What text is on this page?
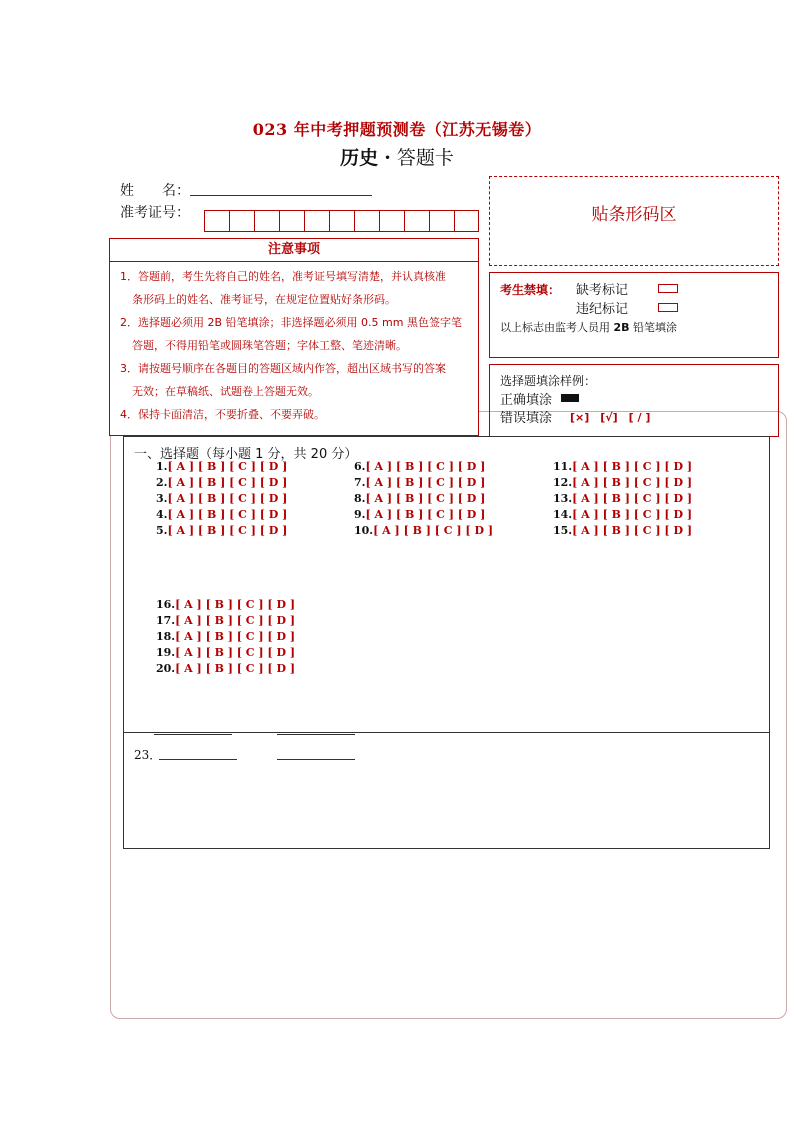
023 年中考押题预测卷（江苏无锡卷）
历史 · 答题卡
姓　　名：
准考证号：	贴条形码区
注意事项
1．答题前，考生先将自己的姓名，准考证号填写清楚，并认真核准
条形码上的姓名、准考证号，在规定位置贴好条形码。
2．选择题必须用 2B 铅笔填涂；非选择题必须用 0.5 mm 黑色签字笔
答题，不得用铅笔或圆珠笔答题；字体工整、笔迹清晰。
3．请按题号顺序在各题目的答题区域内作答，超出区域书写的答案
无效；在草稿纸、试题卷上答题无效。
4．保持卡面清洁，不要折叠、不要弄破。
考生禁填： 缺考标记
违纪标记
以上标志由监考人员用 2B 铅笔填涂
选择题填涂样例：
正确填涂
错误填涂 [×]　[√]　[ / ]
一、选择题（每小题 1 分，共 20 分）
1.[ A ] [ B ] [ C ] [ D ]
2.[ A ] [ B ] [ C ] [ D ]
3.[ A ] [ B ] [ C ] [ D ]
4.[ A ] [ B ] [ C ] [ D ]
5.[ A ] [ B ] [ C ] [ D ]
6.[ A ] [ B ] [ C ] [ D ]
7.[ A ] [ B ] [ C ] [ D ]
8.[ A ] [ B ] [ C ] [ D ]
9.[ A ] [ B ] [ C ] [ D ]
10.[ A ] [ B ] [ C ] [ D ]
11.[ A ] [ B ] [ C ] [ D ]
12.[ A ] [ B ] [ C ] [ D ]
13.[ A ] [ B ] [ C ] [ D ]
14.[ A ] [ B ] [ C ] [ D ]
15.[ A ] [ B ] [ C ] [ D ]
16.[ A ] [ B ] [ C ] [ D ]
17.[ A ] [ B ] [ C ] [ D ]
18.[ A ] [ B ] [ C ] [ D ]
19.[ A ] [ B ] [ C ] [ D ]
20.[ A ] [ B ] [ C ] [ D ]
23．
